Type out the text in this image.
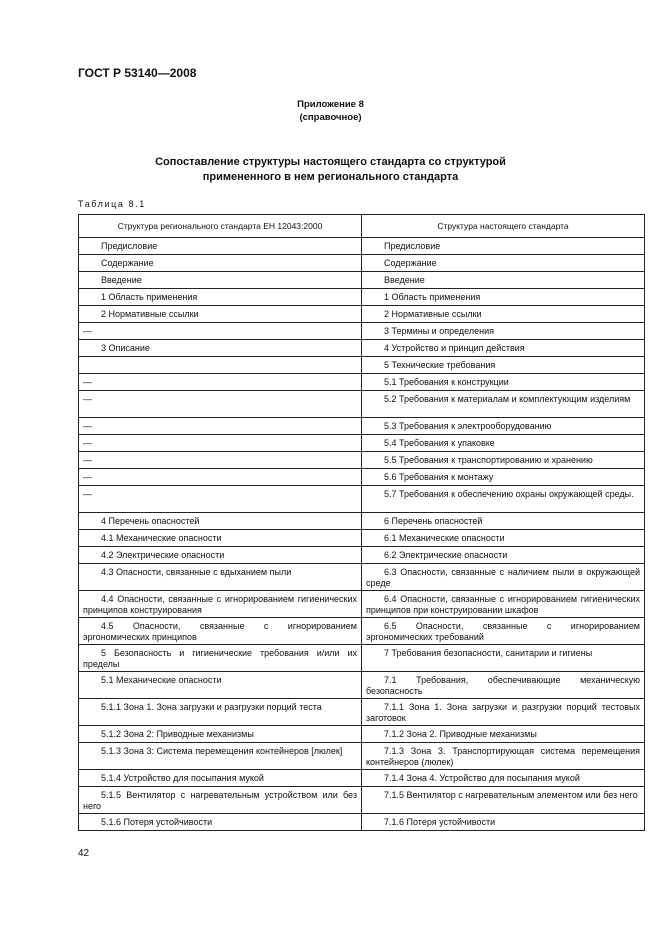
ГОСТ Р 53140—2008
Приложение 8
(справочное)
Сопоставление структуры настоящего стандарта со структурой
примененного в нем регионального стандарта
Таблица 8.1
Структура регионального стандарта ЕН 12043:2000	Структура настоящего стандарта

Предисловие	Предисловие

Содержание	Содержание

Введение	Введение

1 Область применения	1 Область применения

2 Нормативные ссылки	2 Нормативные ссылки

—	3 Термины и определения

3 Описание	4 Устройство и принцип действия

	5 Технические требования

—	5.1 Требования к конструкции

—	5.2 Требования к материалам и комплектующим изделиям

—	5.3 Требования к электрооборудованию

—	5.4 Требования к упаковке

—	5.5 Требования к транспортированию и хранению

—	5.6 Требования к монтажу

—	5.7 Требования к обеспечению охраны окружающей среды.

4 Перечень опасностей	6 Перечень опасностей

4.1 Механические опасности	6.1 Механические опасности

4.2 Электрические опасности	6.2 Электрические опасности

4.3 Опасности, связанные с вдыханием пыли	6.3 Опасности, связанные с наличием пыли в окружающей среде

4.4 Опасности, связанные с игнорированием гигиенических принципов конструирования	6.4 Опасности, связанные с игнорированием гигиенических принципов при конструировании шкафов

4.5 Опасности, связанные с игнорированием эргономических принципов	6.5 Опасности, связанные с игнорированием эргономических требований

5 Безопасность и гигиенические требования и/или их пределы	7 Требования безопасности, санитарии и гигиены

5.1 Механические опасности	7.1 Требования, обеспечивающие механическую безопасность

5.1.1 Зона 1. Зона загрузки и разгрузки порций теста	7.1.1 Зона 1. Зона загрузки и разгрузки порций тестовых заготовок

5.1.2 Зона 2: Приводные механизмы	7.1.2 Зона 2. Приводные механизмы

5.1.3 Зона 3: Система перемещения контейнеров [люлек]	7.1.3 Зона 3. Транспортирующая система перемещения контейнеров (люлек)

5.1.4 Устройство для посыпания мукой	7.1.4 Зона 4. Устройство для посыпания мукой

5.1.5 Вентилятор с нагревательным устройством или без него	7.1.5 Вентилятор с нагревательным элементом или без него

5.1.6 Потеря устойчивости	7.1.6 Потеря устойчивости
42
